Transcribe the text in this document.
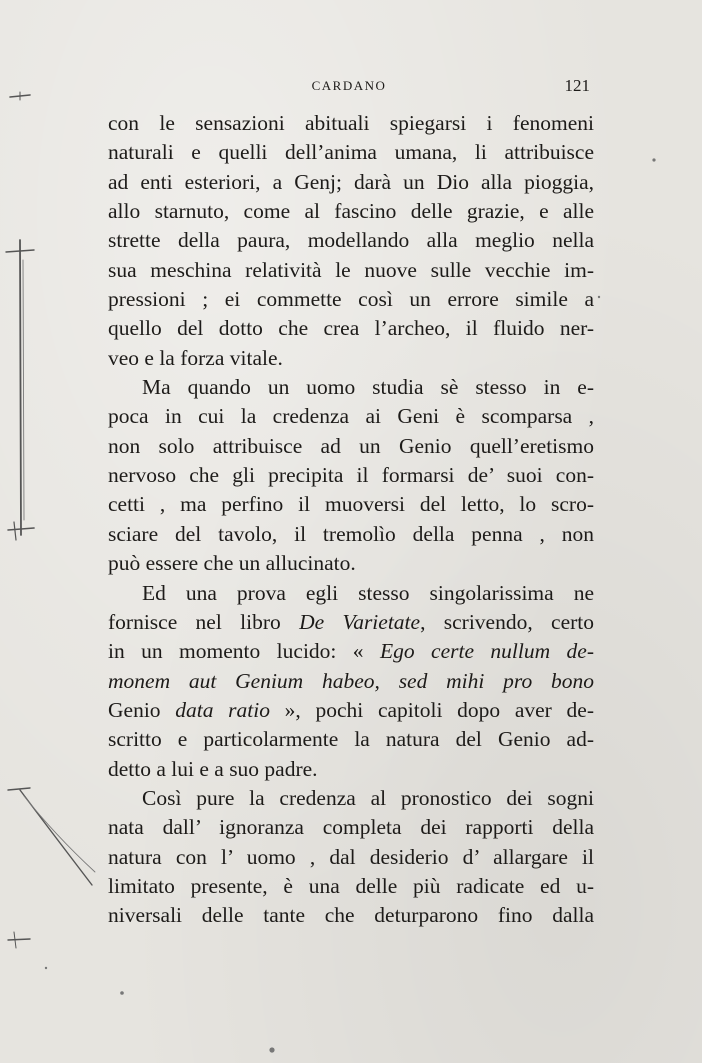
CARDANO	121
con le sensazioni abituali spiegarsi i fenomeni
naturali e quelli dell’anima umana, li attribuisce
ad enti esteriori, a Genj; darà un Dio alla pioggia,
allo starnuto, come al fascino delle grazie, e alle
strette della paura, modellando alla meglio nella
sua meschina relatività le nuove sulle vecchie im-
pressioni ; ei commette così un errore simile a
quello del dotto che crea l’archeo, il fluido ner-
veo e la forza vitale.
Ma quando un uomo studia sè stesso in e-
poca in cui la credenza ai Geni è scomparsa ,
non solo attribuisce ad un Genio quell’eretismo
nervoso che gli precipita il formarsi de’ suoi con-
cetti , ma perfino il muoversi del letto, lo scro-
sciare del tavolo, il tremolìo della penna , non
può essere che un allucinato.
Ed una prova egli stesso singolarissima ne
fornisce nel libro De Varietate, scrivendo, certo
in un momento lucido: « Ego certe nullum de-
monem aut Genium habeo, sed mihi pro bono
Genio data ratio », pochi capitoli dopo aver de-
scritto e particolarmente la natura del Genio ad-
detto a lui e a suo padre.
Così pure la credenza al pronostico dei sogni
nata dall’ ignoranza completa dei rapporti della
natura con l’ uomo , dal desiderio d’ allargare il
limitato presente, è una delle più radicate ed u-
niversali delle tante che deturparono fino dalla
